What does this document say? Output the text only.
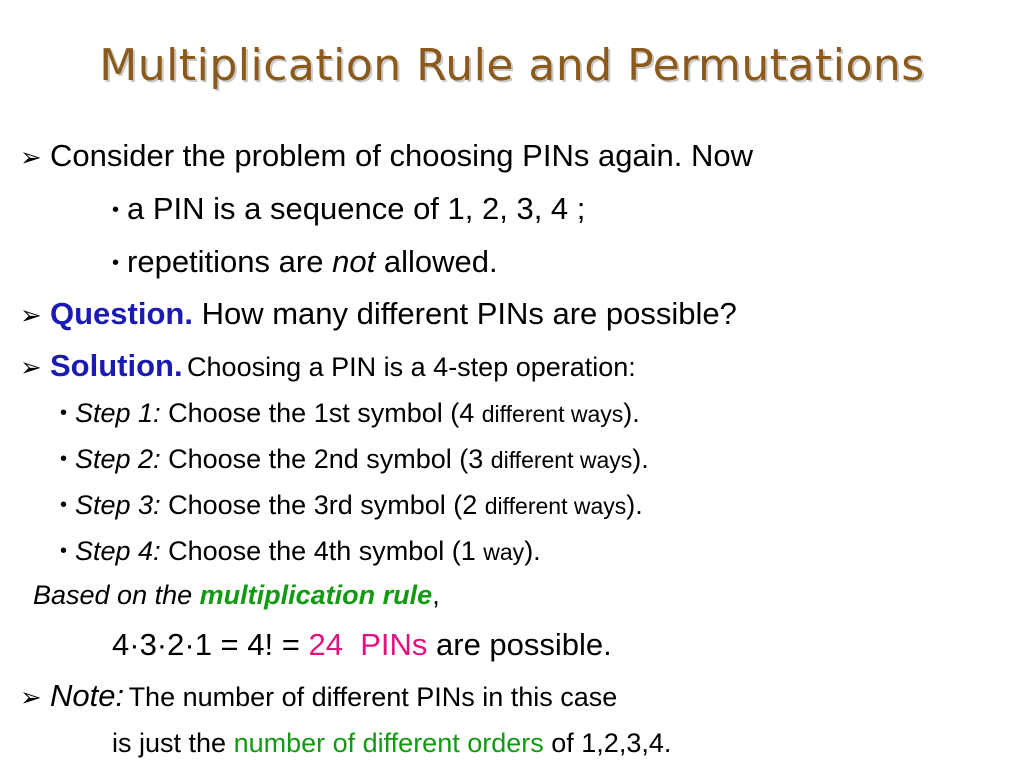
Multiplication Rule and Permutations
➢ Consider the problem of choosing PINs again. Now
• a PIN is a sequence of 1, 2, 3, 4 ;
• repetitions are not allowed.
➢ Question. How many different PINs are possible?
➢ Solution. Choosing a PIN is a 4-step operation:
• Step 1: Choose the 1st symbol (4 different ways).
• Step 2: Choose the 2nd symbol (3 different ways).
• Step 3: Choose the 3rd symbol (2 different ways).
• Step 4: Choose the 4th symbol (1 way).
Based on the multiplication rule,
4·3·2·1 = 4! = 24 PINs are possible.
➢ Note: The number of different PINs in this case
is just the number of different orders of 1,2,3,4.
